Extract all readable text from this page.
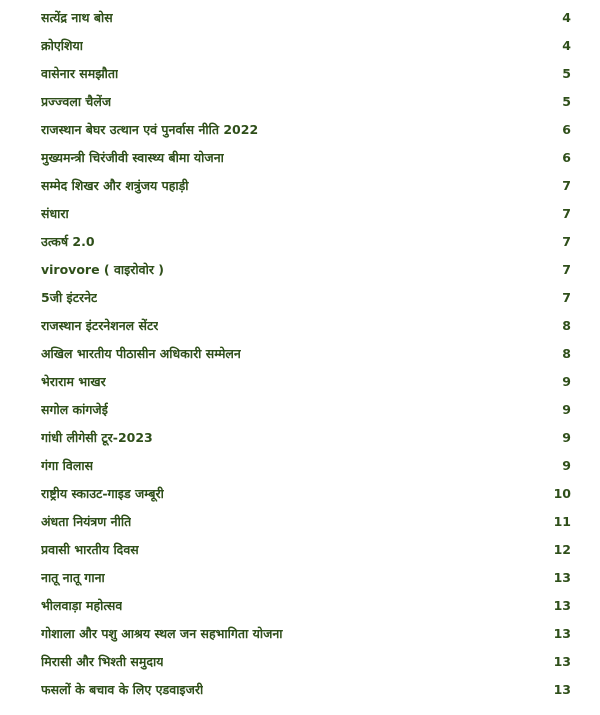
सत्येंद्र नाथ बोस	4
क्रोएशिया	4
वासेनार समझौता	5
प्रज्ज्वला चैलेंज	5
राजस्थान बेघर उत्थान एवं पुनर्वास नीति 2022	6
मुख्यमन्त्री चिरंजीवी स्वास्थ्य बीमा योजना	6
सम्मेद शिखर और शत्रुंजय पहाड़ी	7
संधारा	7
उत्कर्ष 2.0	7
virovore ( वाइरोवोर )	7
5जी इंटरनेट	7
राजस्थान इंटरनेशनल सेंटर	8
अखिल भारतीय पीठासीन अधिकारी सम्मेलन	8
भेराराम भाखर	9
सगोल कांगजेई	9
गांधी लीगेसी टूर-2023	9
गंगा विलास	9
राष्ट्रीय स्काउट-गाइड जम्बूरी	10
अंधता नियंत्रण नीति	11
प्रवासी भारतीय दिवस	12
नातू नातू गाना	13
भीलवाड़ा महोत्सव	13
गोशाला और पशु आश्रय स्थल जन सहभागिता योजना	13
मिरासी और भिश्ती समुदाय	13
फसलों के बचाव के लिए एडवाइजरी	13
